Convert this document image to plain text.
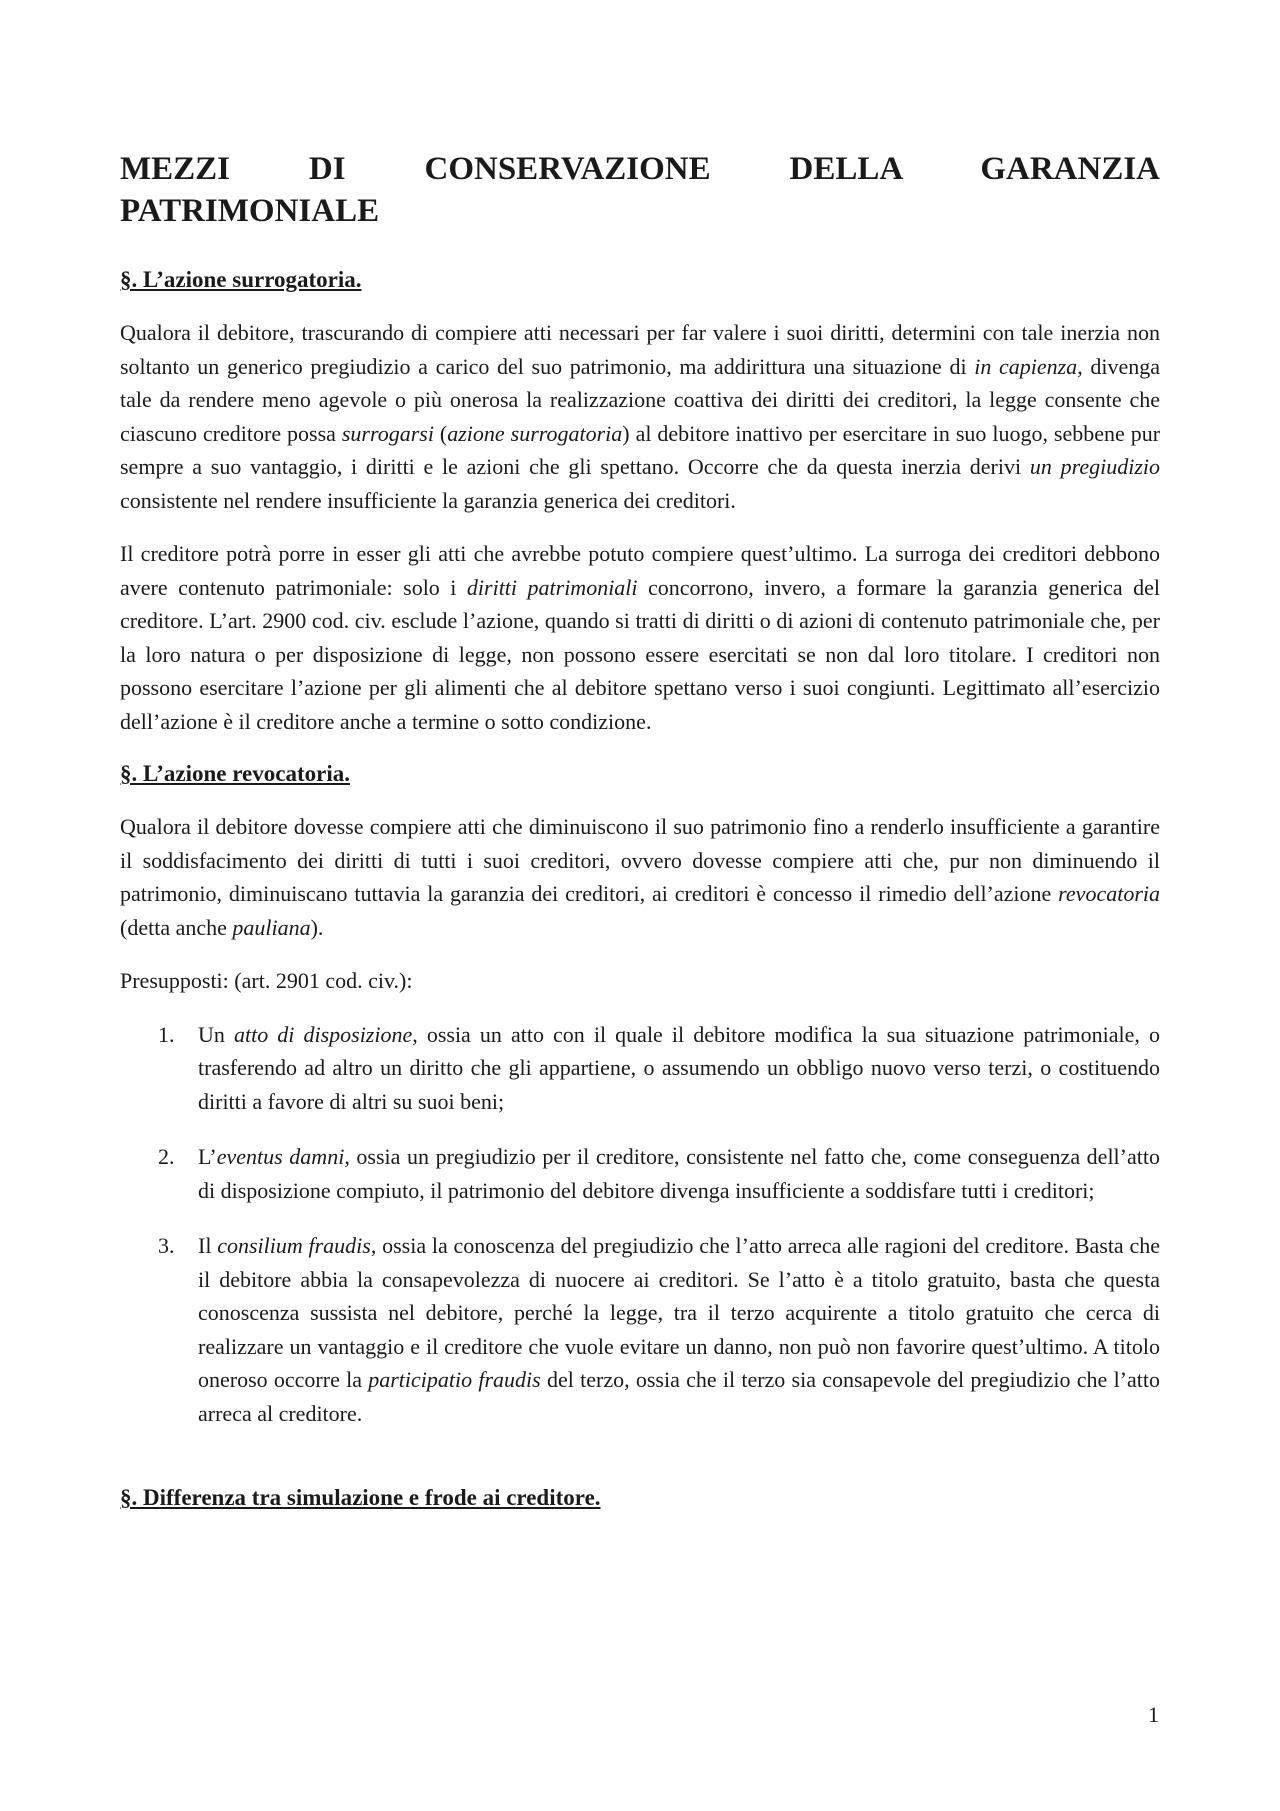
MEZZI DI CONSERVAZIONE DELLA GARANZIA
PATRIMONIALE
§. L’azione surrogatoria.

Qualora il debitore, trascurando di compiere atti necessari per far valere i suoi diritti, determini con tale inerzia non soltanto un generico pregiudizio a carico del suo patrimonio, ma addirittura una situazione di in capienza, divenga tale da rendere meno agevole o più onerosa la realizzazione coattiva dei diritti dei creditori, la legge consente che ciascuno creditore possa surrogarsi (azione surrogatoria) al debitore inattivo per esercitare in suo luogo, sebbene pur sempre a suo vantaggio, i diritti e le azioni che gli spettano. Occorre che da questa inerzia derivi un pregiudizio consistente nel rendere insufficiente la garanzia generica dei creditori.

Il creditore potrà porre in esser gli atti che avrebbe potuto compiere quest’ultimo. La surroga dei creditori debbono avere contenuto patrimoniale: solo i diritti patrimoniali concorrono, invero, a formare la garanzia generica del creditore. L’art. 2900 cod. civ. esclude l’azione, quando si tratti di diritti o di azioni di contenuto patrimoniale che, per la loro natura o per disposizione di legge, non possono essere esercitati se non dal loro titolare. I creditori non possono esercitare l’azione per gli alimenti che al debitore spettano verso i suoi congiunti. Legittimato all’esercizio dell’azione è il creditore anche a termine o sotto condizione.

§. L’azione revocatoria.

Qualora il debitore dovesse compiere atti che diminuiscono il suo patrimonio fino a renderlo insufficiente a garantire il soddisfacimento dei diritti di tutti i suoi creditori, ovvero dovesse compiere atti che, pur non diminuendo il patrimonio, diminuiscano tuttavia la garanzia dei creditori, ai creditori è concesso il rimedio dell’azione revocatoria (detta anche pauliana).

Presupposti: (art. 2901 cod. civ.):

1. Un atto di disposizione, ossia un atto con il quale il debitore modifica la sua situazione patrimoniale, o trasferendo ad altro un diritto che gli appartiene, o assumendo un obbligo nuovo verso terzi, o costituendo diritti a favore di altri su suoi beni;
2. L’eventus damni, ossia un pregiudizio per il creditore, consistente nel fatto che, come conseguenza dell’atto di disposizione compiuto, il patrimonio del debitore divenga insufficiente a soddisfare tutti i creditori;
3. Il consilium fraudis, ossia la conoscenza del pregiudizio che l’atto arreca alle ragioni del creditore. Basta che il debitore abbia la consapevolezza di nuocere ai creditori. Se l’atto è a titolo gratuito, basta che questa conoscenza sussista nel debitore, perché la legge, tra il terzo acquirente a titolo gratuito che cerca di realizzare un vantaggio e il creditore che vuole evitare un danno, non può non favorire quest’ultimo. A titolo oneroso occorre la participatio fraudis del terzo, ossia che il terzo sia consapevole del pregiudizio che l’atto arreca al creditore.
§. Differenza tra simulazione e frode ai creditore.
1
